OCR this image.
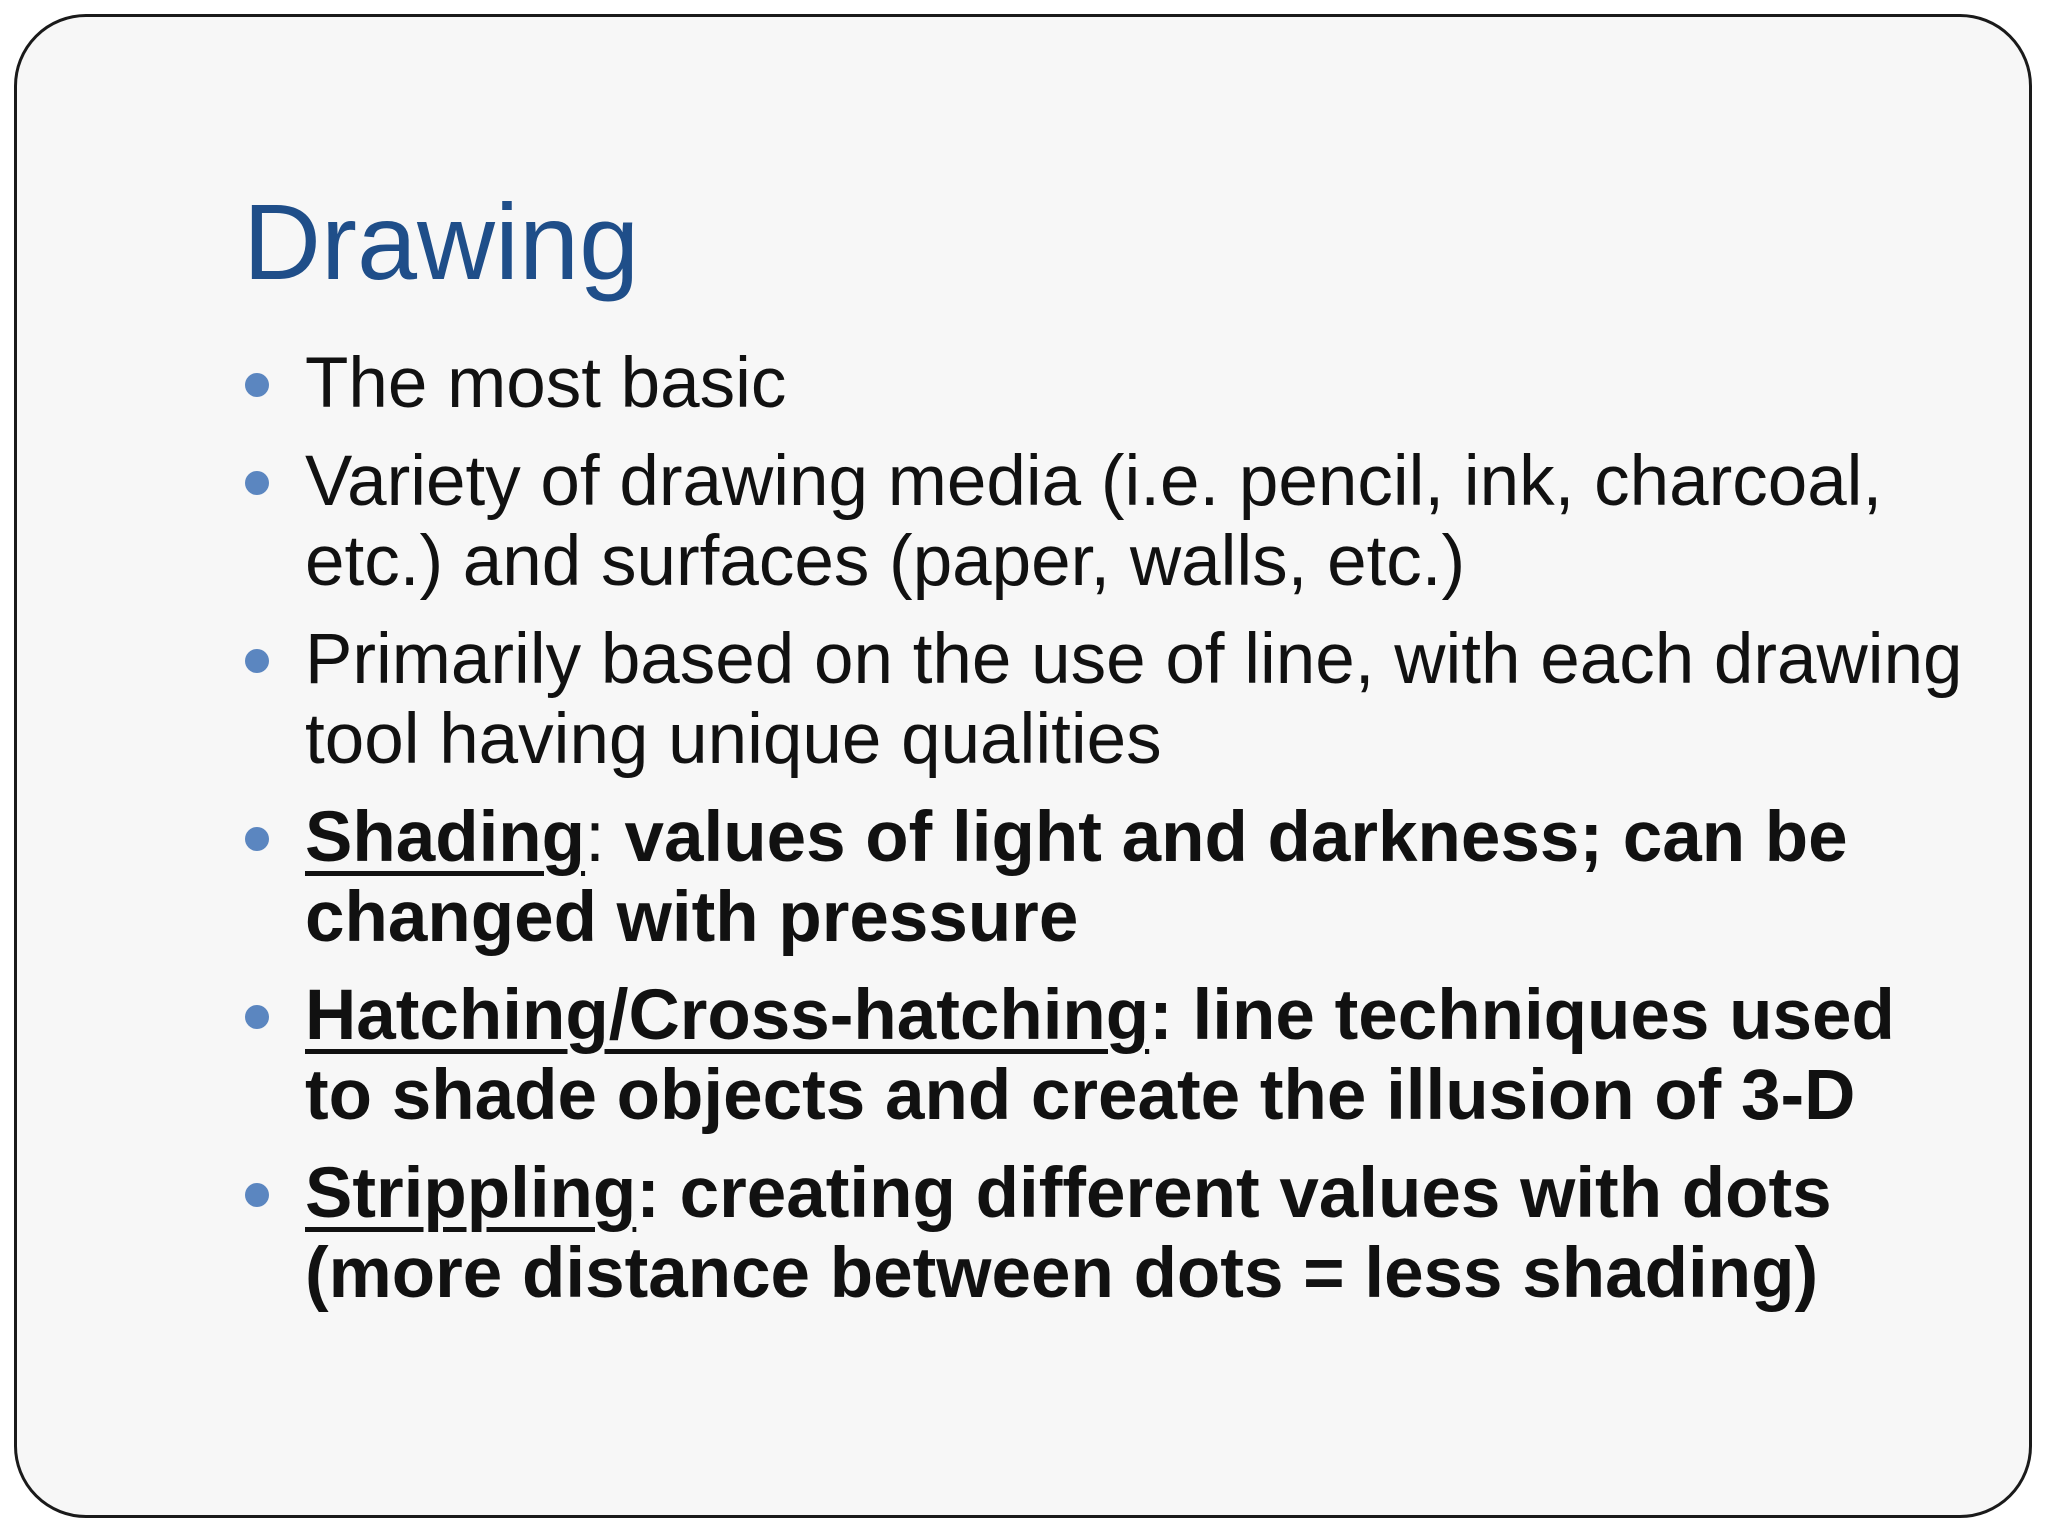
Drawing
The most basic
Variety of drawing media (i.e. pencil, ink, charcoal, etc.) and surfaces (paper, walls, etc.)
Primarily based on the use of line, with each drawing tool having unique qualities
Shading: values of light and darkness; can be changed with pressure
Hatching/Cross-hatching: line techniques used to shade objects and create the illusion of 3-D
Strippling: creating different values with dots (more distance between dots = less shading)
